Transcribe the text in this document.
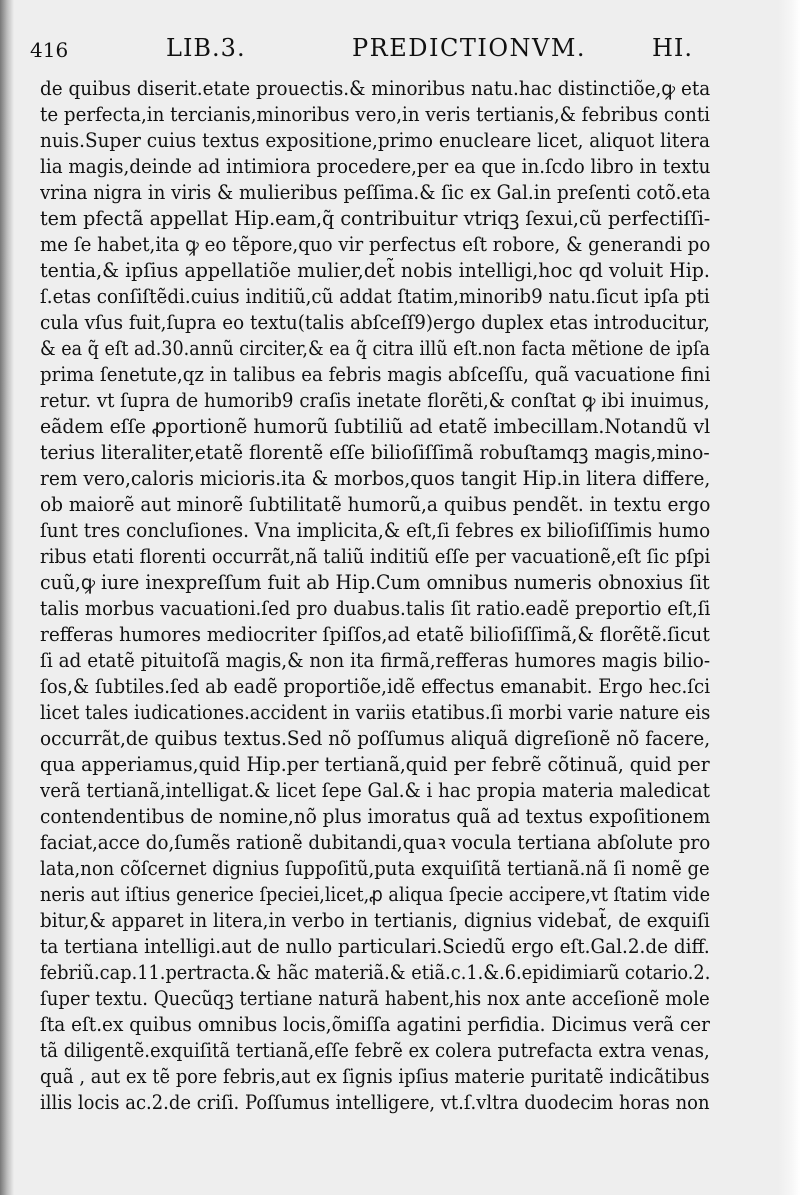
416	LIB.3.	PREDICTIONVM.	HI.
de quibus diserit.etate prouectis.& minoribus natu.hac distinctiõe,ꝙ eta
te perfecta,in tercianis,minoribus vero,in veris tertianis,& febribus conti
nuis.Super cuius textus expositione,primo enucleare licet, aliquot litera
lia magis,deinde ad intimiora procedere,per ea que in.ſcdo libro in textu
vrina nigra in viris & mulieribus peſſima.& ſic ex Gal.in preſenti cotõ.eta
tem pfectã appellat Hip.eam,q̃ contribuitur vtriqꝫ ſexui,cũ perfectiſſi-
me ſe habet,ita ꝙ eo tẽpore,quo vir perfectus eſt robore, & generandi po
tentia,& ipſius appellatiõe mulier,det̃ nobis intelligi,hoc qd voluit Hip.
ſ.etas conſiſtẽdi.cuius inditiũ,cũ addat ſtatim,minorib9 natu.ſicut ipſa pti
cula vſus fuit,ſupra eo textu(talis abſceſſ9)ergo duplex etas introducitur,
& ea q̃ eſt ad.30.annũ circiter,& ea q̃ citra illũ eſt.non facta mẽtione de ipſa
prima ſenetute,qz in talibus ea febris magis abſceſſu, quã vacuatione fini
retur. vt ſupra de humorib9 craſis inetate florẽti,& conſtat ꝙ ibi inuimus,
eãdem eſſe ꝓportionẽ humorũ ſubtiliũ ad etatẽ imbecillam.Notandũ vl
terius literaliter,etatẽ florentẽ eſſe bilioſiſſimã robuſtamqꝫ magis,mino-
rem vero,caloris micioris.ita & morbos,quos tangit Hip.in litera differe,
ob maiorẽ aut minorẽ ſubtilitatẽ humorũ,a quibus pendẽt. in textu ergo
ſunt tres concluſiones. Vna implicita,& eſt,ſi febres ex bilioſiſſimis humo
ribus etati florenti occurrãt,nã taliũ inditiũ eſſe per vacuationẽ,eſt ſic pſpi
cuũ,ꝙ iure inexpreſſum fuit ab Hip.Cum omnibus numeris obnoxius ſit
talis morbus vacuationi.ſed pro duabus.talis ſit ratio.eadẽ preportio eſt,ſi
refferas humores mediocriter ſpiſſos,ad etatẽ bilioſiſſimã,& florẽtẽ.ſicut
ſi ad etatẽ pituitoſã magis,& non ita firmã,refferas humores magis bilio-
ſos,& ſubtiles.ſed ab eadẽ proportiõe,idẽ effectus emanabit. Ergo hec.ſci
licet tales iudicationes.accident in variis etatibus.ſi morbi varie nature eis
occurrãt,de quibus textus.Sed nõ poſſumus aliquã digreſionẽ nõ facere,
qua apperiamus,quid Hip.per tertianã,quid per febrẽ cõtinuã, quid per
verã tertianã,intelligat.& licet ſepe Gal.& i hac propia materia maledicat
contendentibus de nomine,nõ plus imoratus quã ad textus expoſitionem
faciat,acce do,ſumẽs rationẽ dubitandi,quaꝛ vocula tertiana abſolute pro
lata,non cõſcernet dignius ſuppoſitũ,puta exquiſitã tertianã.nã ſi nomẽ ge
neris aut iſtius generice ſpeciei,licet,ꝓ aliqua ſpecie accipere,vt ſtatim vide
bitur,& apparet in litera,in verbo in tertianis, dignius videbat̃, de exquiſi
ta tertiana intelligi.aut de nullo particulari.Sciedũ ergo eſt.Gal.2.de diff.
febriũ.cap.11.pertracta.& hãc materiã.& etiã.c.1.&.6.epidimiarũ cotario.2.
ſuper textu. Quecũqꝫ tertiane naturã habent,his nox ante acceſionẽ mole
ſta eſt.ex quibus omnibus locis,õmiſſa agatini perfidia. Dicimus verã cer
tã diligentẽ.exquiſitã tertianã,eſſe febrẽ ex colera putrefacta extra venas,
quã , aut ex tẽ pore febris,aut ex ſignis ipſius materie puritatẽ indicãtibus
illis locis ac.2.de criſi. Poſſumus intelligere, vt.ſ.vltra duodecim horas non
